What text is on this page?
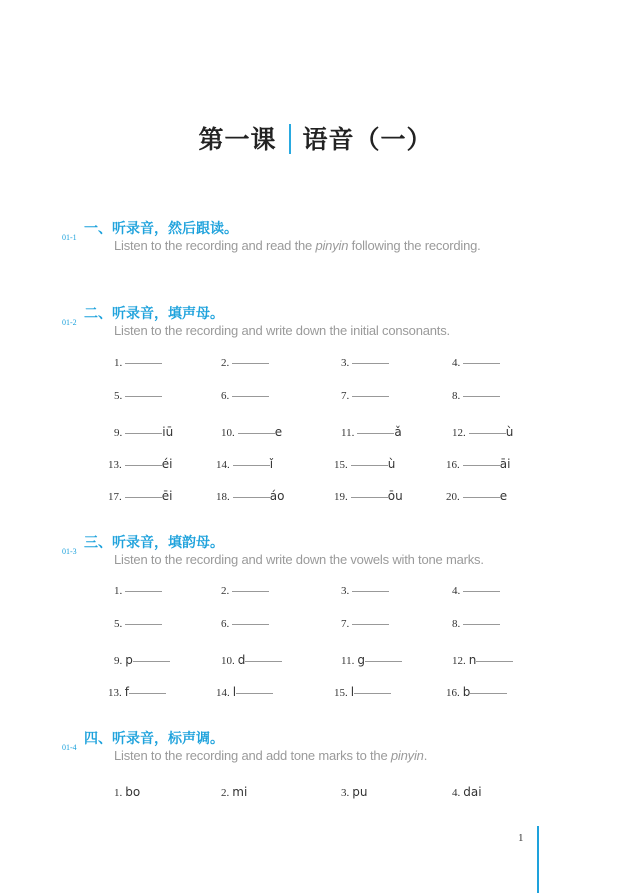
第一课 语音（一）
一、听录音，然后跟读。
01-1
Listen to the recording and read the pinyin following the recording.
二、听录音，填声母。
01-2
Listen to the recording and write down the initial consonants.
1.	2.	3.	4.
5.	6.	7.	8.
9.	iū	10.	e	11.	ǎ	12.	ù
13.	éi	14.	ǐ	15.	ù	16.	āi
17.	ēi	18.	áo	19.	ōu	20.	e
三、听录音，填韵母。
01-3
Listen to the recording and write down the vowels with tone marks.
1.	2.	3.	4.
5.	6.	7.	8.
9. p	10. d	11. g	12. n
13. f	14. l	15. l	16. b
四、听录音，标声调。
01-4
Listen to the recording and add tone marks to the pinyin.
1. bo	2. mi	3. pu	4. dai
1
